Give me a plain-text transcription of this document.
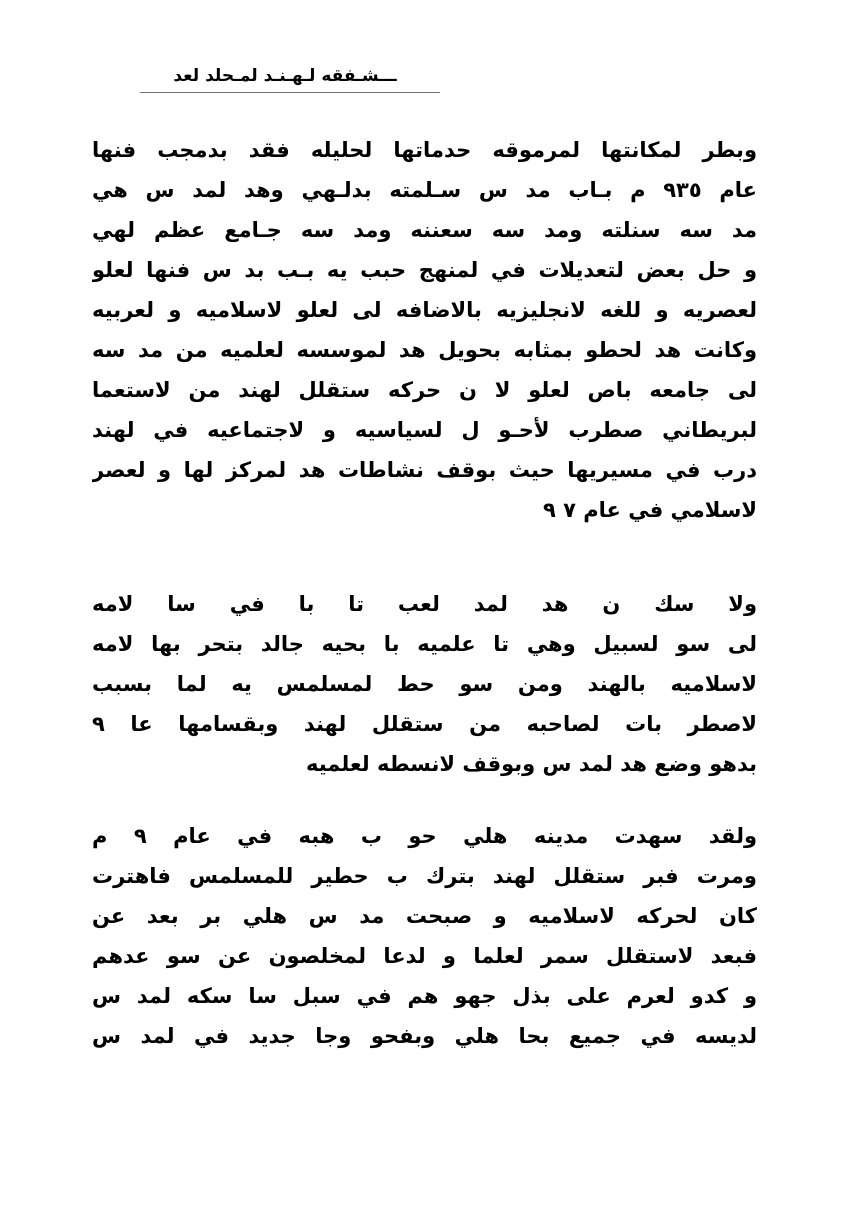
ـــشـفقه لـهـنـد لمـحلد لعد
وبطر لمكانتها لمرموقه حدماتها لحليله فقد بدمجب فنها
عام ٩٣٥ م بـاب مد س سـلمته بدلـهي وهد لمد س هي
مد سه سنلته ومد سه سعننه ومد سه جـامع عظم لهي
و حل بعض لتعديلات في لمنهج حبب يه بـب بد س فنها لعلو
لعصريه و للغه لانجليزيه بالاضافه لى لعلو لاسلاميه و لعربيه
وكانت هد لحطو بمثابه بحويل هد لموسسه لعلميه من مد سه
لى جامعه باص لعلو لا ن حركه ستقلل لهند من لاستعما
لبريطاني صطرب لأحـو ل لسياسيه و لاجتماعيه في لهند
درب في مسيريها حيث بوقف نشاطات هد لمركز لها و لعصر
لاسلامي في عام ٧ ٩
ولا سك ن هد لمد لعب تا با في سا لامه
لى سو لسبيل وهي تا علميه با بحيه جالد بتحر بها لامه
لاسلاميه بالهند ومن سو حط لمسلمس يه لما بسبب
لاصطر بات لصاحبه من ستقلل لهند وبقسامها عا ٩
بدهو وضع هد لمد س وبوقف لانسطه لعلميه
ولقد سهدت مدينه هلي حو ب هبه في عام ٩ م
ومرت فبر ستقلل لهند بترك ب حطير للمسلمس فاهترت
كان لحركه لاسلاميه و صبحت مد س هلي بر بعد عن
فبعد لاستقلل سمر لعلما و لدعا لمخلصون عن سو عدهم
و كدو لعرم على بذل جهو هم في سبل سا سكه لمد س
لديسه في جميع بحا هلي وبفحو وجا جديد في لمد س
